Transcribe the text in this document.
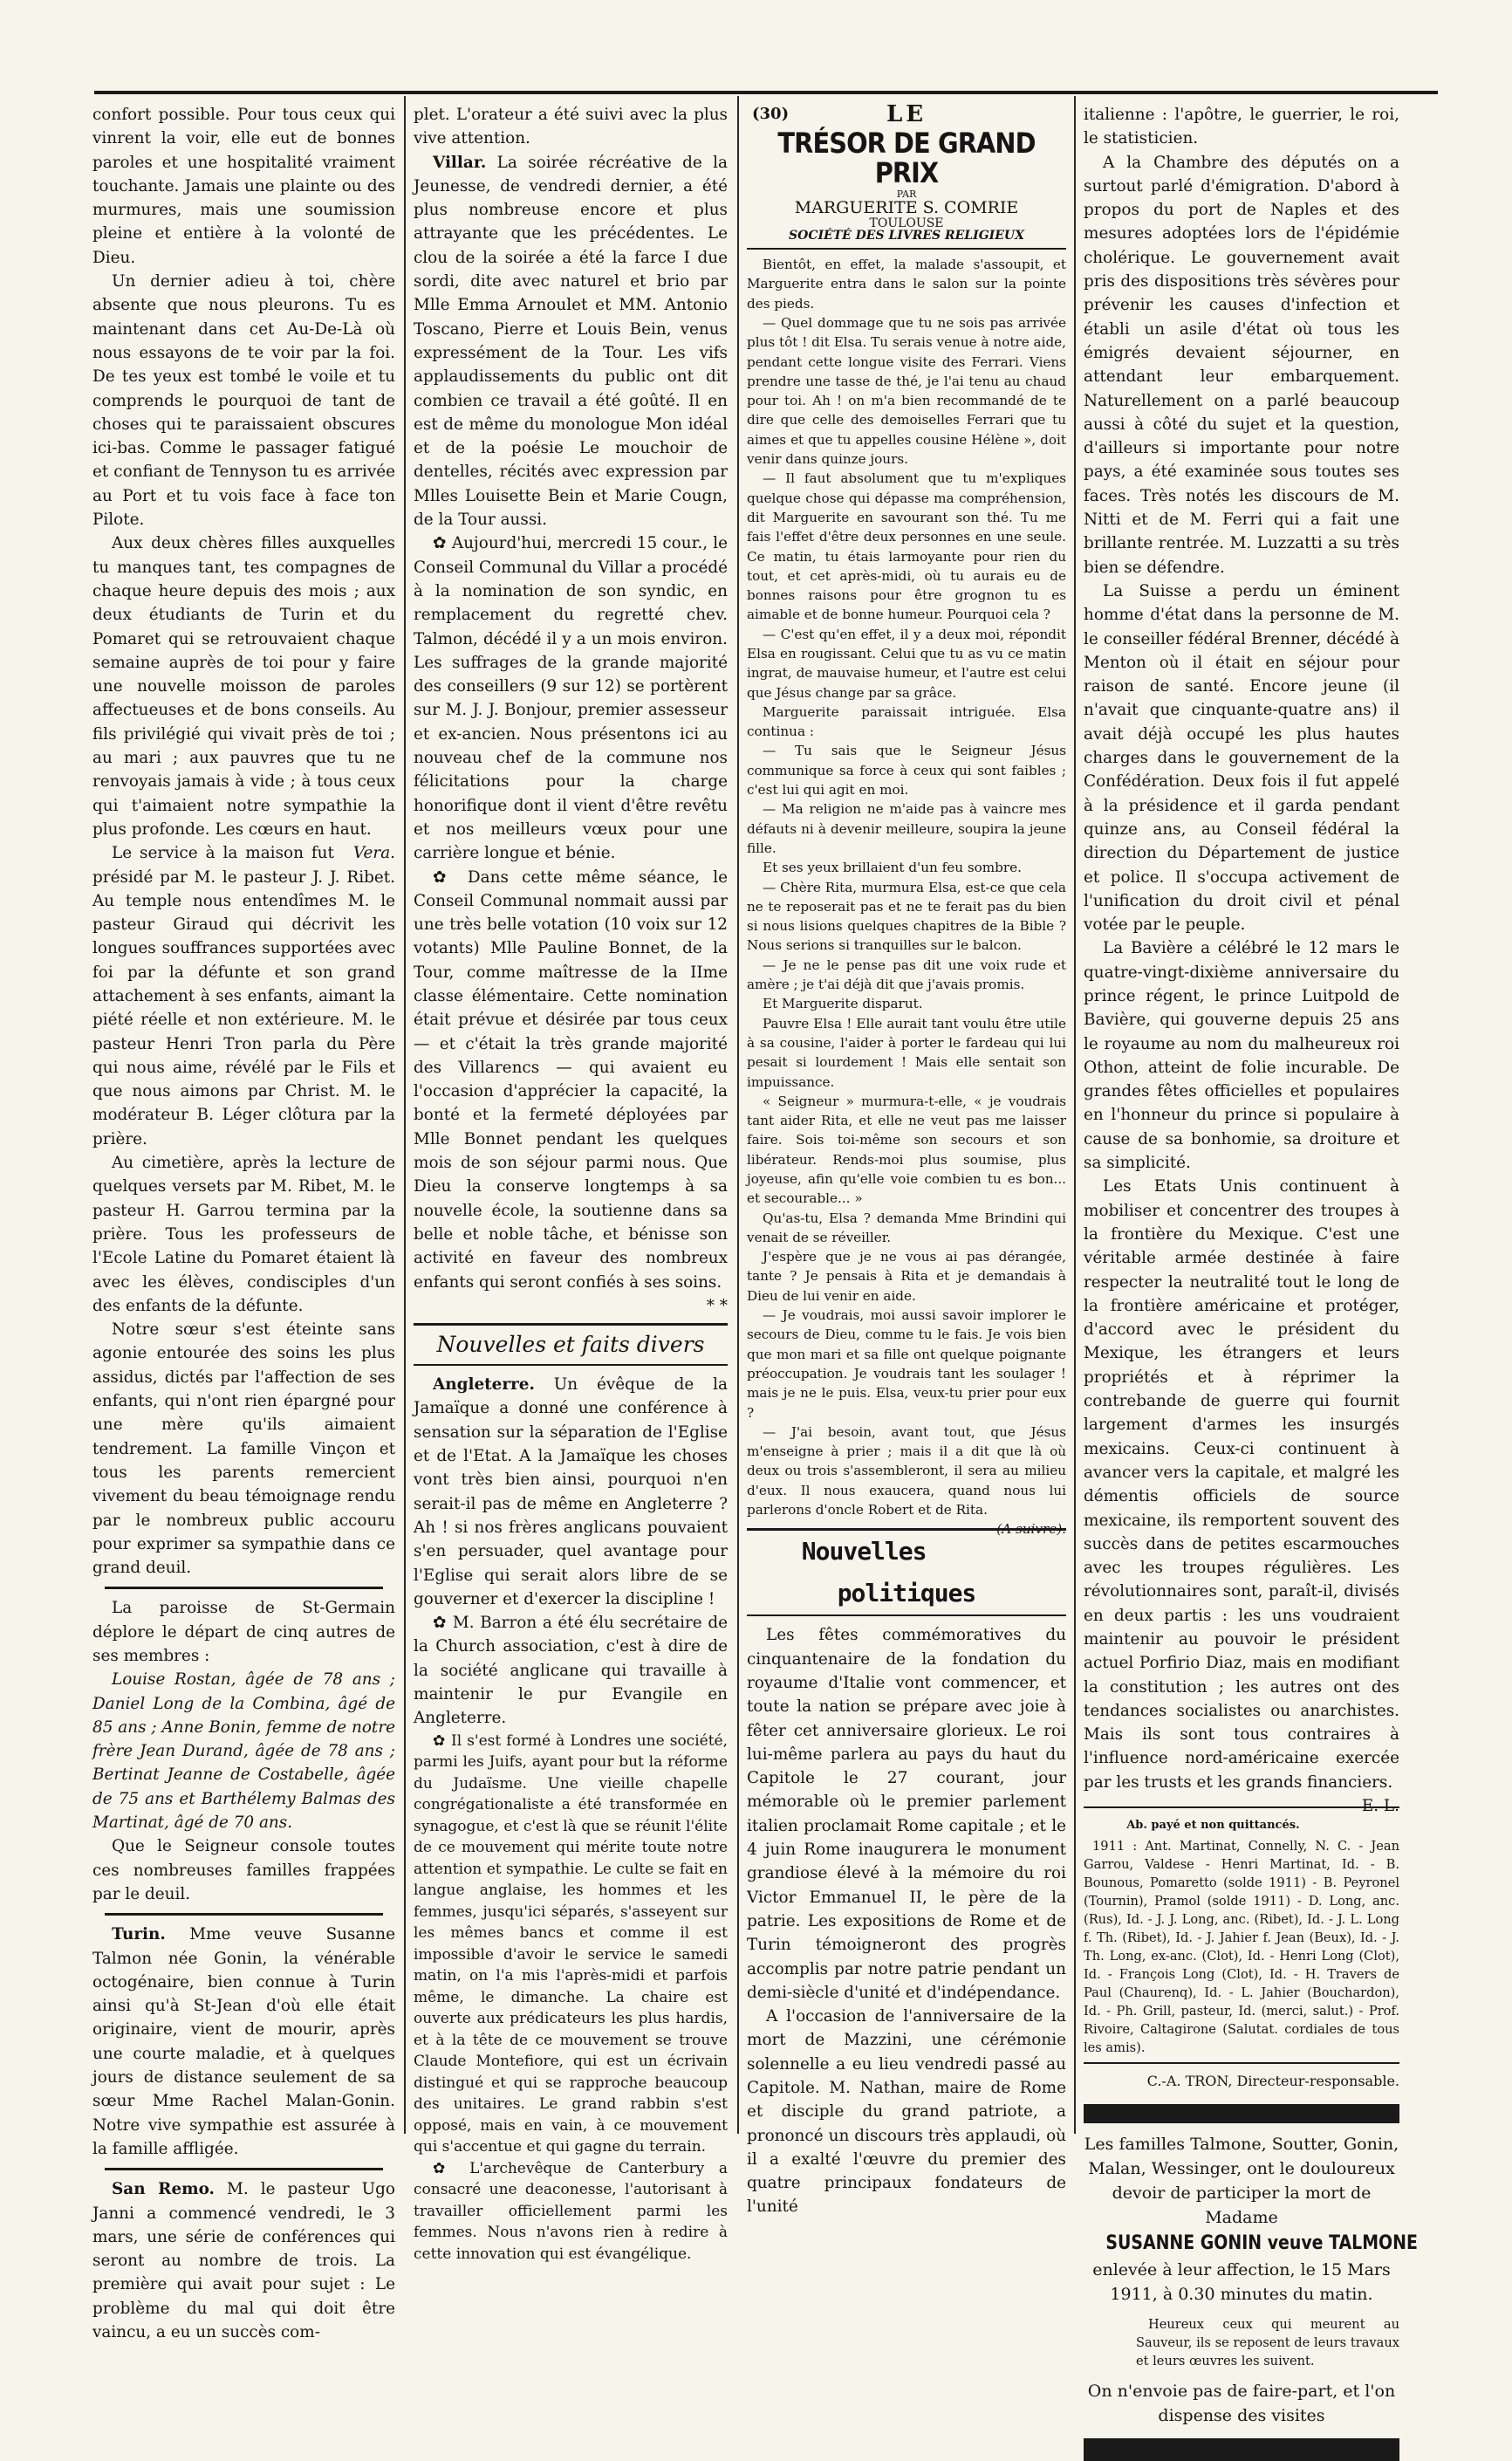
confort possible. Pour tous ceux qui vinrent la voir, elle eut de bonnes paroles et une hospitalité vraiment touchante. Jamais une plainte ou des murmures, mais une soumission pleine et entière à la volonté de Dieu.

Un dernier adieu à toi, chère absente que nous pleurons. Tu es maintenant dans cet Au-De-Là où nous essayons de te voir par la foi. De tes yeux est tombé le voile et tu comprends le pourquoi de tant de choses qui te paraissaient obscures ici-bas. Comme le passager fatigué et confiant de Tennyson tu es arrivée au Port et tu vois face à face ton Pilote.

Aux deux chères filles auxquelles tu manques tant, tes compagnes de chaque heure depuis des mois ; aux deux étudiants de Turin et du Pomaret qui se retrouvaient chaque semaine auprès de toi pour y faire une nouvelle moisson de paroles affectueuses et de bons conseils. Au fils privilégié qui vivait près de toi ; au mari ; aux pauvres que tu ne renvoyais jamais à vide ; à tous ceux qui t'aimaient notre sympathie la plus profonde. Les cœurs en haut.
Vera.

Le service à la maison fut présidé par M. le pasteur J. J. Ribet. Au temple nous entendîmes M. le pasteur Giraud qui décrivit les longues souffrances supportées avec foi par la défunte et son grand attachement à ses enfants, aimant la piété réelle et non extérieure. M. le pasteur Henri Tron parla du Père qui nous aime, révélé par le Fils et que nous aimons par Christ. M. le modérateur B. Léger clôtura par la prière.

Au cimetière, après la lecture de quelques versets par M. Ribet, M. le pasteur H. Garrou termina par la prière. Tous les professeurs de l'Ecole Latine du Pomaret étaient là avec les élèves, condisciples d'un des enfants de la défunte.

Notre sœur s'est éteinte sans agonie entourée des soins les plus assidus, dictés par l'affection de ses enfants, qui n'ont rien épargné pour une mère qu'ils aimaient tendrement. La famille Vinçon et tous les parents remercient vivement du beau témoignage rendu par le nombreux public accouru pour exprimer sa sympathie dans ce grand deuil.

La paroisse de St-Germain déplore le départ de cinq autres de ses membres :

Louise Rostan, âgée de 78 ans ; Daniel Long de la Combina, âgé de 85 ans ; Anne Bonin, femme de notre frère Jean Durand, âgée de 78 ans ; Bertinat Jeanne de Costabelle, âgée de 75 ans et Barthélemy Balmas des Martinat, âgé de 70 ans.

Que le Seigneur console toutes ces nombreuses familles frappées par le deuil.

Turin. Mme veuve Susanne Talmon née Gonin, la vénérable octogénaire, bien connue à Turin ainsi qu'à St-Jean d'où elle était originaire, vient de mourir, après une courte maladie, et à quelques jours de distance seulement de sa sœur Mme Rachel Malan-Gonin. Notre vive sympathie est assurée à la famille affligée.

San Remo. M. le pasteur Ugo Janni a commencé vendredi, le 3 mars, une série de conférences qui seront au nombre de trois. La première qui avait pour sujet : Le problème du mal qui doit être vaincu, a eu un succès com-

plet. L'orateur a été suivi avec la plus vive attention.

Villar. La soirée récréative de la Jeunesse, de vendredi dernier, a été plus nombreuse encore et plus attrayante que les précédentes. Le clou de la soirée a été la farce I due sordi, dite avec naturel et brio par Mlle Emma Arnoulet et MM. Antonio Toscano, Pierre et Louis Bein, venus expressément de la Tour. Les vifs applaudissements du public ont dit combien ce travail a été goûté. Il en est de même du monologue Mon idéal et de la poésie Le mouchoir de dentelles, récités avec expression par Mlles Louisette Bein et Marie Cougn, de la Tour aussi.

✿ Aujourd'hui, mercredi 15 cour., le Conseil Communal du Villar a procédé à la nomination de son syndic, en remplacement du regretté chev. Talmon, décédé il y a un mois environ. Les suffrages de la grande majorité des conseillers (9 sur 12) se portèrent sur M. J. J. Bonjour, premier assesseur et ex-ancien. Nous présentons ici au nouveau chef de la commune nos félicitations pour la charge honorifique dont il vient d'être revêtu et nos meilleurs vœux pour une carrière longue et bénie.

✿ Dans cette même séance, le Conseil Communal nommait aussi par une très belle votation (10 voix sur 12 votants) Mlle Pauline Bonnet, de la Tour, comme maîtresse de la IIme classe élémentaire. Cette nomination était prévue et désirée par tous ceux — et c'était la très grande majorité des Villarencs — qui avaient eu l'occasion d'apprécier la capacité, la bonté et la fermeté déployées par Mlle Bonnet pendant les quelques mois de son séjour parmi nous. Que Dieu la conserve longtemps à sa nouvelle école, la soutienne dans sa belle et noble tâche, et bénisse son activité en faveur des nombreux enfants qui seront confiés à ses soins.

* *
Nouvelles et faits divers

Angleterre. Un évêque de la Jamaïque a donné une conférence à sensation sur la séparation de l'Eglise et de l'Etat. A la Jamaïque les choses vont très bien ainsi, pourquoi n'en serait-il pas de même en Angleterre ? Ah ! si nos frères anglicans pouvaient s'en persuader, quel avantage pour l'Eglise qui serait alors libre de se gouverner et d'exercer la discipline !

✿ M. Barron a été élu secrétaire de la Church association, c'est à dire de la société anglicane qui travaille à maintenir le pur Evangile en Angleterre.

✿ Il s'est formé à Londres une société, parmi les Juifs, ayant pour but la réforme du Judaïsme. Une vieille chapelle congrégationaliste a été transformée en synagogue, et c'est là que se réunit l'élite de ce mouvement qui mérite toute notre attention et sympathie. Le culte se fait en langue anglaise, les hommes et les femmes, jusqu'ici séparés, s'asseyent sur les mêmes bancs et comme il est impossible d'avoir le service le samedi matin, on l'a mis l'après-midi et parfois même, le dimanche. La chaire est ouverte aux prédicateurs les plus hardis, et à la tête de ce mouvement se trouve Claude Montefiore, qui est un écrivain distingué et qui se rapproche beaucoup des unitaires. Le grand rabbin s'est opposé, mais en vain, à ce mouvement qui s'accentue et qui gagne du terrain.

✿ L'archevêque de Canterbury a consacré une deaconesse, l'autorisant à travailler officiellement parmi les femmes. Nous n'avons rien à redire à cette innovation qui est évangélique.

(30)	LE
TRÉSOR DE GRAND PRIX
PAR
MARGUERITE S. COMRIE
TOULOUSE
SOCIÉTÉ DES LIVRES RELIGIEUX

Bientôt, en effet, la malade s'assoupit, et Marguerite entra dans le salon sur la pointe des pieds.

— Quel dommage que tu ne sois pas arrivée plus tôt ! dit Elsa. Tu serais venue à notre aide, pendant cette longue visite des Ferrari. Viens prendre une tasse de thé, je l'ai tenu au chaud pour toi. Ah ! on m'a bien recommandé de te dire que celle des demoiselles Ferrari que tu aimes et que tu appelles cousine Hélène », doit venir dans quinze jours.

— Il faut absolument que tu m'expliques quelque chose qui dépasse ma compréhension, dit Marguerite en savourant son thé. Tu me fais l'effet d'être deux personnes en une seule. Ce matin, tu étais larmoyante pour rien du tout, et cet après-midi, où tu aurais eu de bonnes raisons pour être grognon tu es aimable et de bonne humeur. Pourquoi cela ?

— C'est qu'en effet, il y a deux moi, répondit Elsa en rougissant. Celui que tu as vu ce matin ingrat, de mauvaise humeur, et l'autre est celui que Jésus change par sa grâce.

Marguerite paraissait intriguée. Elsa continua :

— Tu sais que le Seigneur Jésus communique sa force à ceux qui sont faibles ; c'est lui qui agit en moi.

— Ma religion ne m'aide pas à vaincre mes défauts ni à devenir meilleure, soupira la jeune fille.

Et ses yeux brillaient d'un feu sombre.

— Chère Rita, murmura Elsa, est-ce que cela ne te reposerait pas et ne te ferait pas du bien si nous lisions quelques chapitres de la Bible ? Nous serions si tranquilles sur le balcon.

— Je ne le pense pas dit une voix rude et amère ; je t'ai déjà dit que j'avais promis.

Et Marguerite disparut.

Pauvre Elsa ! Elle aurait tant voulu être utile à sa cousine, l'aider à porter le fardeau qui lui pesait si lourdement ! Mais elle sentait son impuissance.

« Seigneur » murmura-t-elle, « je voudrais tant aider Rita, et elle ne veut pas me laisser faire. Sois toi-même son secours et son libérateur. Rends-moi plus soumise, plus joyeuse, afin qu'elle voie combien tu es bon... et secourable... »

Qu'as-tu, Elsa ? demanda Mme Brindini qui venait de se réveiller.

J'espère que je ne vous ai pas dérangée, tante ? Je pensais à Rita et je demandais à Dieu de lui venir en aide.

— Je voudrais, moi aussi savoir implorer le secours de Dieu, comme tu le fais. Je vois bien que mon mari et sa fille ont quelque poignante préoccupation. Je voudrais tant les soulager ! mais je ne le puis. Elsa, veux-tu prier pour eux ?

— J'ai besoin, avant tout, que Jésus m'enseigne à prier ; mais il a dit que là où deux ou trois s'assembleront, il sera au milieu d'eux. Il nous exaucera, quand nous lui parlerons d'oncle Robert et de Rita.
(A suivre).

Nouvelles politiques

Les fêtes commémoratives du cinquantenaire de la fondation du royaume d'Italie vont commencer, et toute la nation se prépare avec joie à fêter cet anniversaire glorieux. Le roi lui-même parlera au pays du haut du Capitole le 27 courant, jour mémorable où le premier parlement italien proclamait Rome capitale ; et le 4 juin Rome inaugurera le monument grandiose élevé à la mémoire du roi Victor Emmanuel II, le père de la patrie. Les expositions de Rome et de Turin témoigneront des progrès accomplis par notre patrie pendant un demi-siècle d'unité et d'indépendance.

A l'occasion de l'anniversaire de la mort de Mazzini, une cérémonie solennelle a eu lieu vendredi passé au Capitole. M. Nathan, maire de Rome et disciple du grand patriote, a prononcé un discours très applaudi, où il a exalté l'œuvre du premier des quatre principaux fondateurs de l'unité

italienne : l'apôtre, le guerrier, le roi, le statisticien.

A la Chambre des députés on a surtout parlé d'émigration. D'abord à propos du port de Naples et des mesures adoptées lors de l'épidémie cholérique. Le gouvernement avait pris des dispositions très sévères pour prévenir les causes d'infection et établi un asile d'état où tous les émigrés devaient séjourner, en attendant leur embarquement. Naturellement on a parlé beaucoup aussi à côté du sujet et la question, d'ailleurs si importante pour notre pays, a été examinée sous toutes ses faces. Très notés les discours de M. Nitti et de M. Ferri qui a fait une brillante rentrée. M. Luzzatti a su très bien se défendre.

La Suisse a perdu un éminent homme d'état dans la personne de M. le conseiller fédéral Brenner, décédé à Menton où il était en séjour pour raison de santé. Encore jeune (il n'avait que cinquante-quatre ans) il avait déjà occupé les plus hautes charges dans le gouvernement de la Confédération. Deux fois il fut appelé à la présidence et il garda pendant quinze ans, au Conseil fédéral la direction du Département de justice et police. Il s'occupa activement de l'unification du droit civil et pénal votée par le peuple.

La Bavière a célébré le 12 mars le quatre-vingt-dixième anniversaire du prince régent, le prince Luitpold de Bavière, qui gouverne depuis 25 ans le royaume au nom du malheureux roi Othon, atteint de folie incurable. De grandes fêtes officielles et populaires en l'honneur du prince si populaire à cause de sa bonhomie, sa droiture et sa simplicité.

Les Etats Unis continuent à mobiliser et concentrer des troupes à la frontière du Mexique. C'est une véritable armée destinée à faire respecter la neutralité tout le long de la frontière américaine et protéger, d'accord avec le président du Mexique, les étrangers et leurs propriétés et à réprimer la contrebande de guerre qui fournit largement d'armes les insurgés mexicains. Ceux-ci continuent à avancer vers la capitale, et malgré les démentis officiels de source mexicaine, ils remportent souvent des succès dans de petites escarmouches avec les troupes régulières. Les révolutionnaires sont, paraît-il, divisés en deux partis : les uns voudraient maintenir au pouvoir le président actuel Porfirio Diaz, mais en modifiant la constitution ; les autres ont des tendances socialistes ou anarchistes. Mais ils sont tous contraires à l'influence nord-américaine exercée par les trusts et les grands financiers.
E. L.

Ab. payé et non quittancés.
1911 : Ant. Martinat, Connelly, N. C. - Jean Garrou, Valdese - Henri Martinat, Id. - B. Bounous, Pomaretto (solde 1911) - B. Peyronel (Tournin), Pramol (solde 1911) - D. Long, anc. (Rus), Id. - J. J. Long, anc. (Ribet), Id. - J. L. Long f. Th. (Ribet), Id. - J. Jahier f. Jean (Beux), Id. - J. Th. Long, ex-anc. (Clot), Id. - Henri Long (Clot), Id. - François Long (Clot), Id. - H. Travers de Paul (Chaurenq), Id. - L. Jahier (Bouchardon), Id. - Ph. Grill, pasteur, Id. (merci, salut.) - Prof. Rivoire, Caltagirone (Salutat. cordiales de tous les amis).
C.-A. TRON, Directeur-responsable.
Les familles Talmone, Soutter, Gonin, Malan, Wessinger, ont le douloureux devoir de participer la mort de Madame
SUSANNE GONIN veuve TALMONE
enlevée à leur affection, le 15 Mars 1911, à 0.30 minutes du matin.
Heureux ceux qui meurent au Sauveur, ils se reposent de leurs travaux et leurs œuvres les suivent.
On n'envoie pas de faire-part, et l'on dispense des visites
